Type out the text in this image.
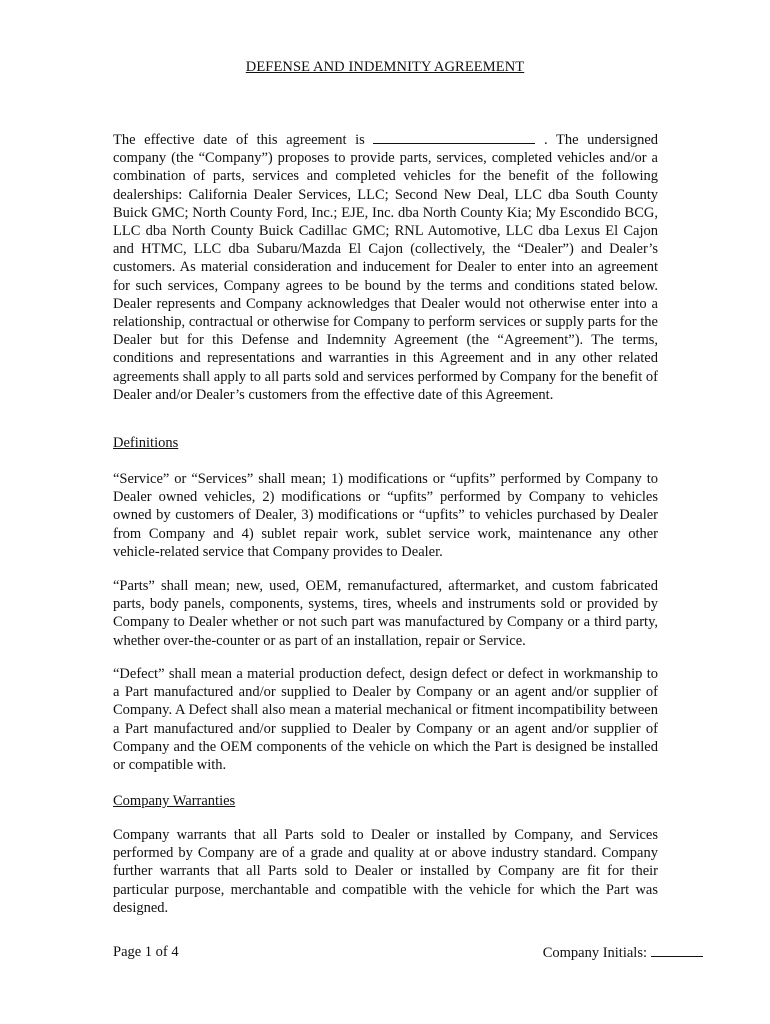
DEFENSE AND INDEMNITY AGREEMENT

The effective date of this agreement is	. The undersigned company (the “Company”) proposes to provide parts, services, completed vehicles and/or a combination of parts, services and completed vehicles for the benefit of the following dealerships: California Dealer Services, LLC; Second New Deal, LLC dba South County Buick GMC; North County Ford, Inc.; EJE, Inc. dba North County Kia; My Escondido BCG, LLC dba North County Buick Cadillac GMC; RNL Automotive, LLC dba Lexus El Cajon and HTMC, LLC dba Subaru/Mazda El Cajon (collectively, the “Dealer”) and Dealer’s customers. As material consideration and inducement for Dealer to enter into an agreement for such services, Company agrees to be bound by the terms and conditions stated below. Dealer represents and Company acknowledges that Dealer would not otherwise enter into a relationship, contractual or otherwise for Company to perform services or supply parts for the Dealer but for this Defense and Indemnity Agreement (the “Agreement”). The terms, conditions and representations and warranties in this Agreement and in any other related agreements shall apply to all parts sold and services performed by Company for the benefit of Dealer and/or Dealer’s customers from the effective date of this Agreement.

Definitions

“Service” or “Services” shall mean; 1) modifications or “upfits” performed by Company to Dealer owned vehicles, 2) modifications or “upfits” performed by Company to vehicles owned by customers of Dealer, 3) modifications or “upfits” to vehicles purchased by Dealer from Company and 4) sublet repair work, sublet service work, maintenance any other vehicle-related service that Company provides to Dealer.

“Parts” shall mean; new, used, OEM, remanufactured, aftermarket, and custom fabricated parts, body panels, components, systems, tires, wheels and instruments sold or provided by Company to Dealer whether or not such part was manufactured by Company or a third party, whether over-the-counter or as part of an installation, repair or Service.

“Defect” shall mean a material production defect, design defect or defect in workmanship to a Part manufactured and/or supplied to Dealer by Company or an agent and/or supplier of Company. A Defect shall also mean a material mechanical or fitment incompatibility between a Part manufactured and/or supplied to Dealer by Company or an agent and/or supplier of Company and the OEM components of the vehicle on which the Part is designed be installed or compatible with.

Company Warranties

Company warrants that all Parts sold to Dealer or installed by Company, and Services performed by Company are of a grade and quality at or above industry standard. Company further warrants that all Parts sold to Dealer or installed by Company are fit for their particular purpose, merchantable and compatible with the vehicle for which the Part was designed.

Page 1 of 4	Company Initials:
